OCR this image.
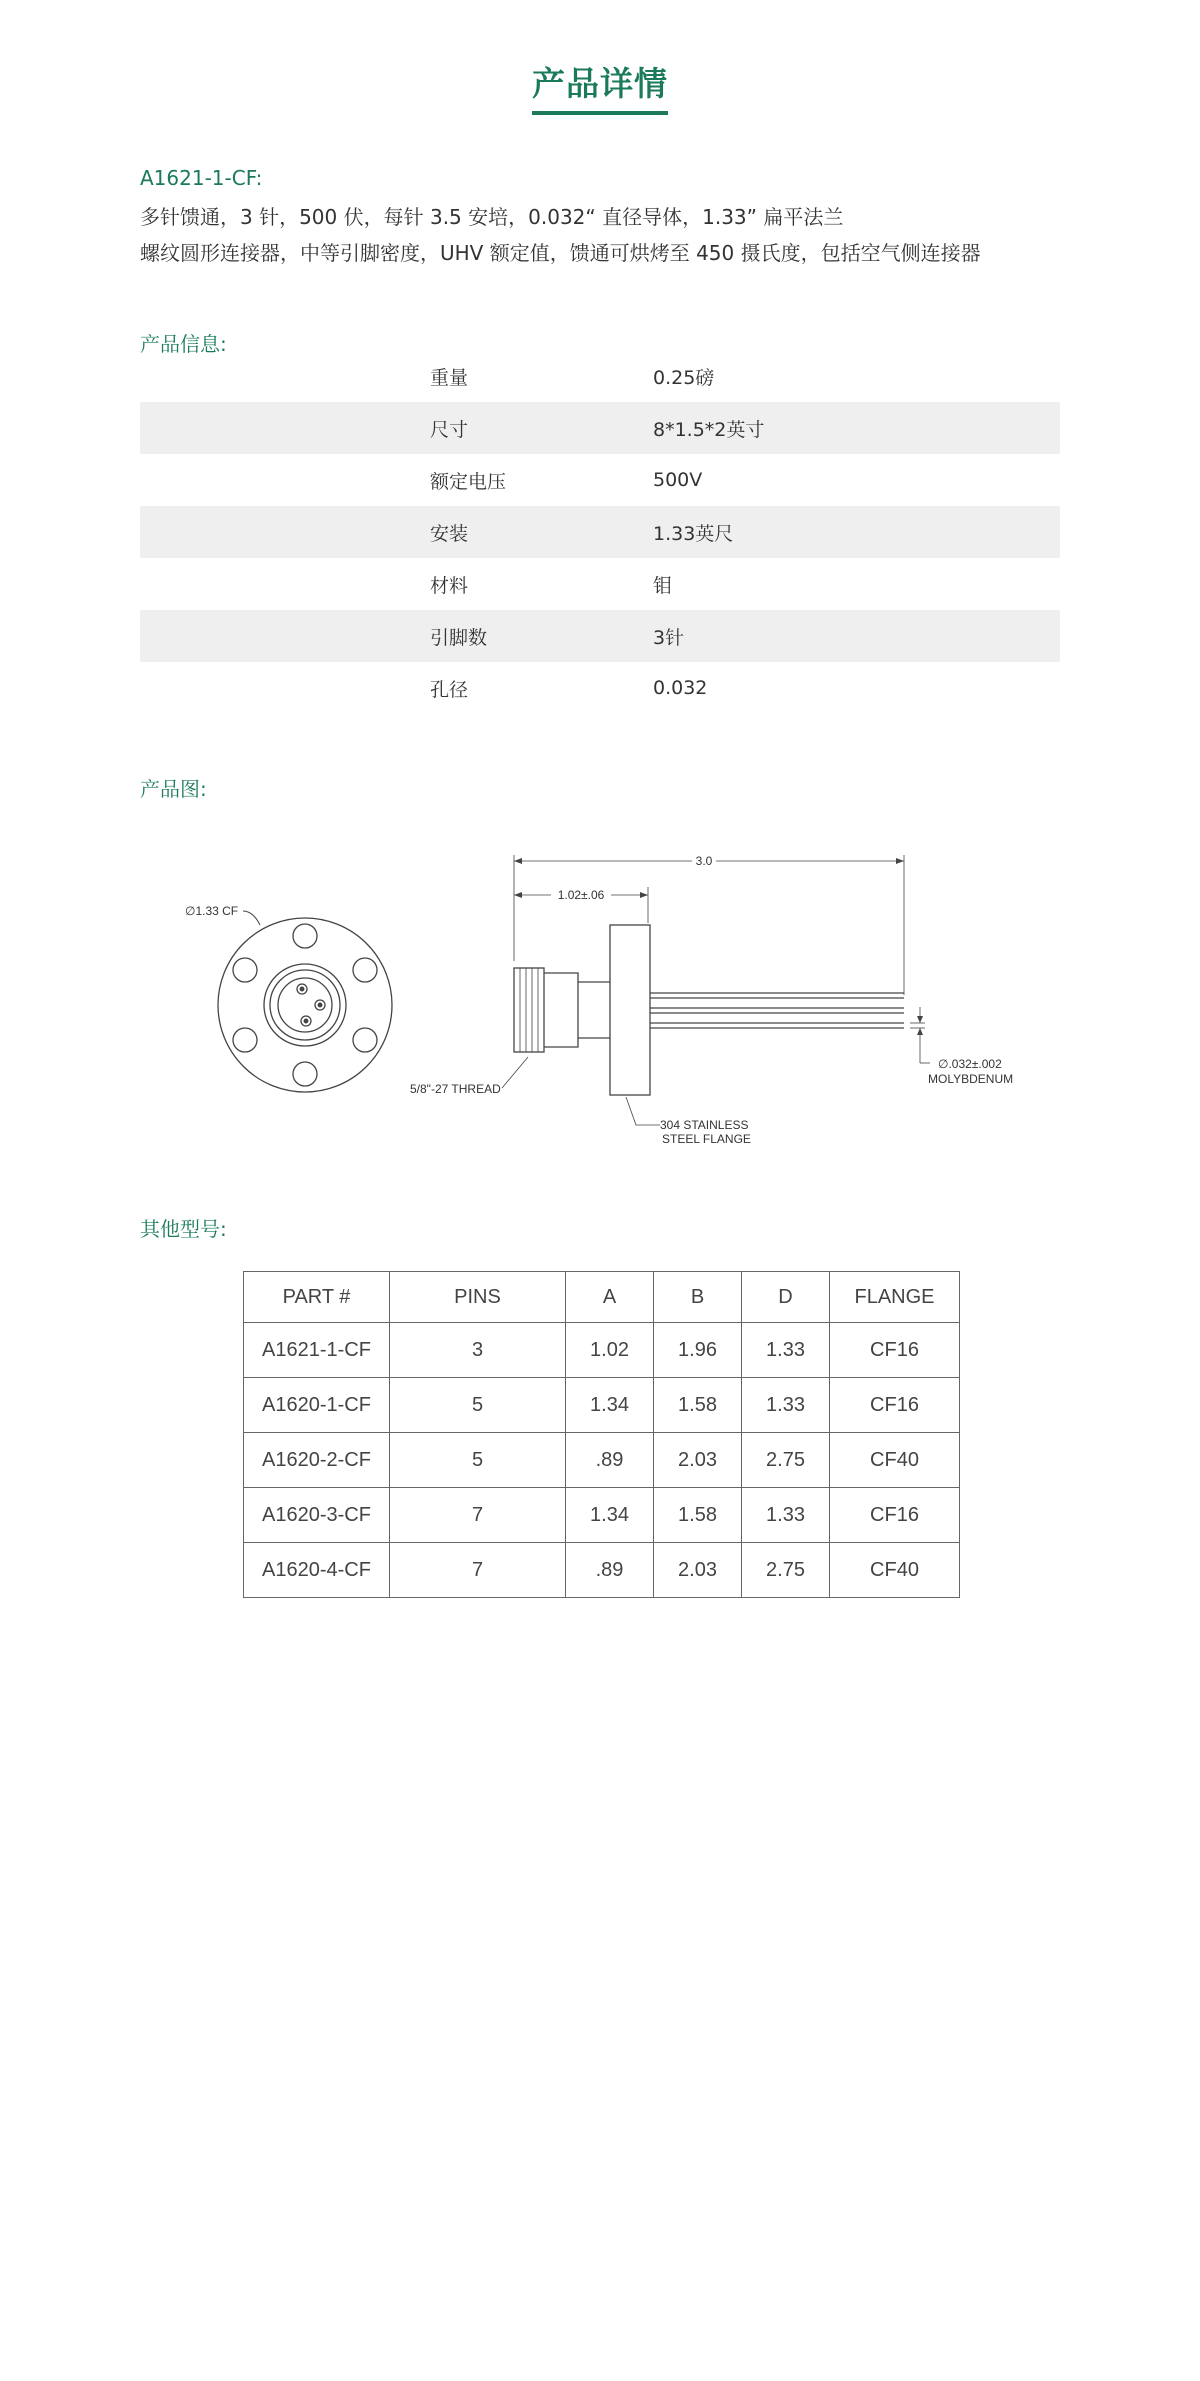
产品详情
A1621-1-CF:
多针馈通，3 针，500 伏，每针 3.5 安培，0.032“ 直径导体，1.33” 扁平法兰
螺纹圆形连接器，中等引脚密度，UHV 额定值，馈通可烘烤至 450 摄氏度，包括空气侧连接器
产品信息:
重量	0.25磅
尺寸	8*1.5*2英寸
额定电压	500V
安装	1.33英尺
材料	钼
引脚数	3针
孔径	0.032
产品图:
∅1.33 CF
3.0
1.02±.06
∅.032±.002
MOLYBDENUM
5/8"-27 THREAD
304 STAINLESS
STEEL FLANGE
其他型号:
PART #	PINS	A	B	D	FLANGE
A1621-1-CF	3	1.02	1.96	1.33	CF16
A1620-1-CF	5	1.34	1.58	1.33	CF16
A1620-2-CF	5	.89	2.03	2.75	CF40
A1620-3-CF	7	1.34	1.58	1.33	CF16
A1620-4-CF	7	.89	2.03	2.75	CF40
